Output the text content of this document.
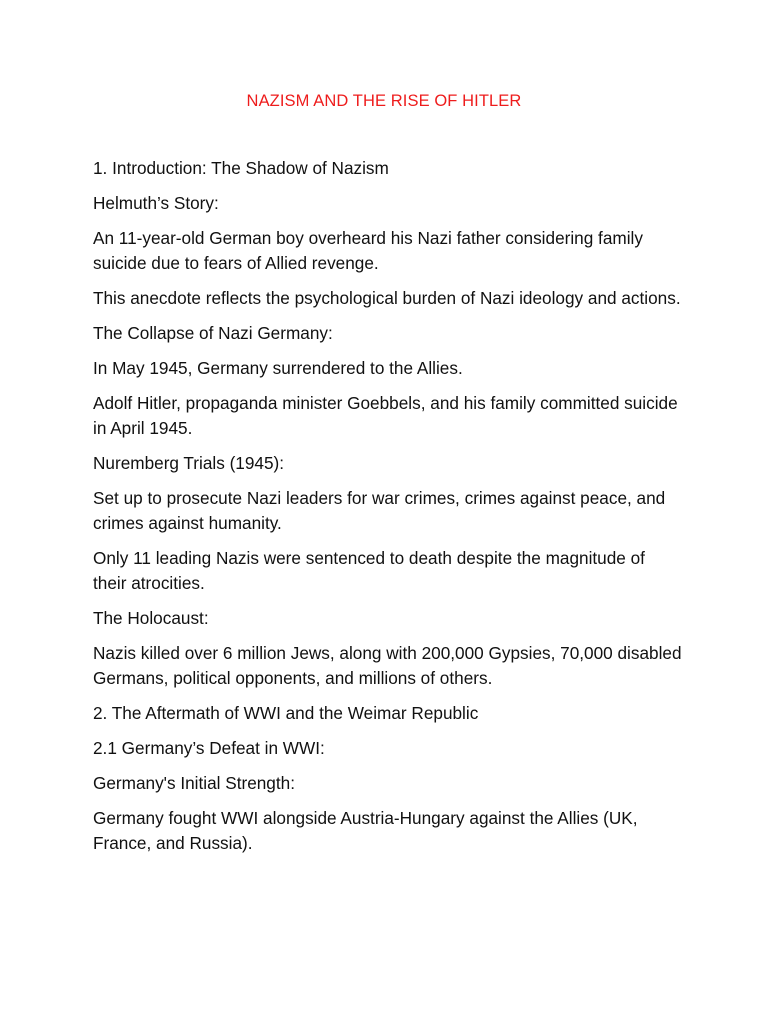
NAZISM AND THE RISE OF HITLER

1. Introduction: The Shadow of Nazism

Helmuth’s Story:

An 11-year-old German boy overheard his Nazi father considering family suicide due to fears of Allied revenge.

This anecdote reflects the psychological burden of Nazi ideology and actions.

The Collapse of Nazi Germany:

In May 1945, Germany surrendered to the Allies.

Adolf Hitler, propaganda minister Goebbels, and his family committed suicide in April 1945.

Nuremberg Trials (1945):

Set up to prosecute Nazi leaders for war crimes, crimes against peace, and crimes against humanity.

Only 11 leading Nazis were sentenced to death despite the magnitude of their atrocities.

The Holocaust:

Nazis killed over 6 million Jews, along with 200,000 Gypsies, 70,000 disabled Germans, political opponents, and millions of others.

2. The Aftermath of WWI and the Weimar Republic

2.1 Germany’s Defeat in WWI:

Germany's Initial Strength:

Germany fought WWI alongside Austria-Hungary against the Allies (UK, France, and Russia).
